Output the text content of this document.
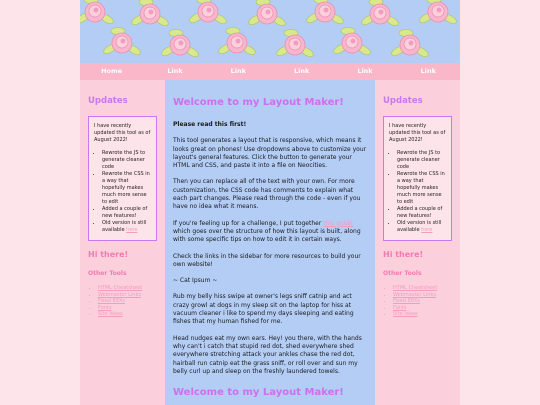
Home	Link	Link	Link	Link	Link
Updates
I have recently updated this tool as of August 2022!
• Rewrote the JS to generate cleaner code
• Rewrote the CSS in a way that hopefully makes much more sense to edit
• Added a couple of new features!
• Old version is still available here
Hi there!
Other Tools
• HTML Cheatsheet
• Webmaster Links
• Fixed 88Xs
• Fonts
• Site Ideas
Welcome to my Layout Maker!

Please read this first!

This tool generates a layout that is responsive, which means it looks great on phones! Use dropdowns above to customize your layout's general features. Click the button to generate your HTML and CSS, and paste it into a file on Neocities.

Then you can replace all of the text with your own. For more customization, the CSS code has comments to explain what each part changes. Please read through the code - even if you have no idea what it means.

If you're feeling up for a challenge, I put together this guide which goes over the structure of how this layout is built, along with some specific tips on how to edit it in certain ways.

Check the links in the sidebar for more resources to build your own website!

~ Cat Ipsum ~

Rub my belly hiss swipe at owner's legs sniff catnip and act crazy growl at dogs in my sleep sit on the laptop for hiss at vacuum cleaner i like to spend my days sleeping and eating fishes that my human fished for me.

Head nudges eat my own ears. Hey! you there, with the hands why can't i catch that stupid red dot, shed everywhere shed everywhere stretching attack your ankles chase the red dot, hairball run catnip eat the grass sniff, or roll over and sun my belly curl up and sleep on the freshly laundered towels.

Welcome to my Layout Maker!
Updates
I have recently updated this tool as of August 2022!
• Rewrote the JS to generate cleaner code
• Rewrote the CSS in a way that hopefully makes much more sense to edit
• Added a couple of new features!
• Old version is still available here
Hi there!
Other Tools
• HTML Cheatsheet
• Webmaster Links
• Fixed 88Xs
• Fonts
• Site Ideas
